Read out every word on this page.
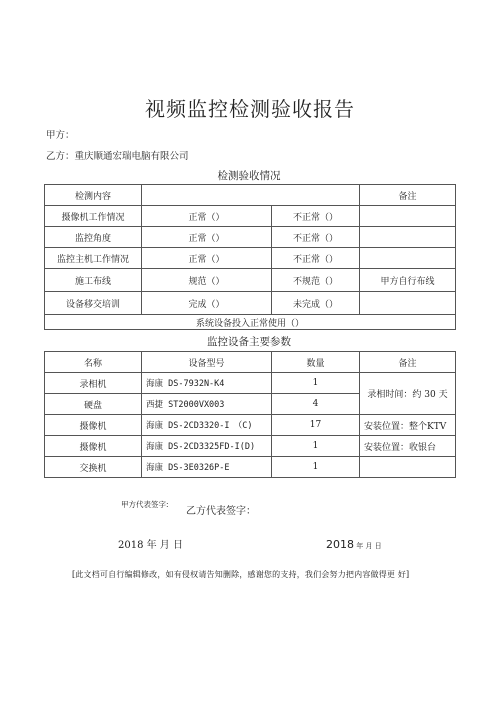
视频监控检测验收报告
甲方：
乙方：重庆顺通宏瑞电脑有限公司
检测验收情况
检测内容			备注
摄像机工作情况	正常（）	不正常（）	
监控角度	正常（）	不正常（）	
监控主机工作情况	正常（）	不正常（）	
施工布线	规范（）	不规范（）	甲方自行布线
设备移交培训	完成（）	未完成（）	
系统设备投入正常使用（）			
监控设备主要参数
名称	设备型号	数量	备注
录相机	海康 DS-7932N-K4	1	录相时间：约 30 天
硬盘	西捷 ST2000VX003	4	
摄像机	海康 DS-2CD3320-I　（C)	17	安装位置：整个KTV
摄像机	海康 DS-2CD3325FD-I(D)	1	安装位置：收银台
交换机	海康 DS-3E0326P-E	1	
甲方代表签字:
乙方代表签字：
2018 年 月 日	2018 年 月 日
[此文档可自行编辑修改，如有侵权请告知删除，感谢您的支持，我们会努力把内容做得更 好]
